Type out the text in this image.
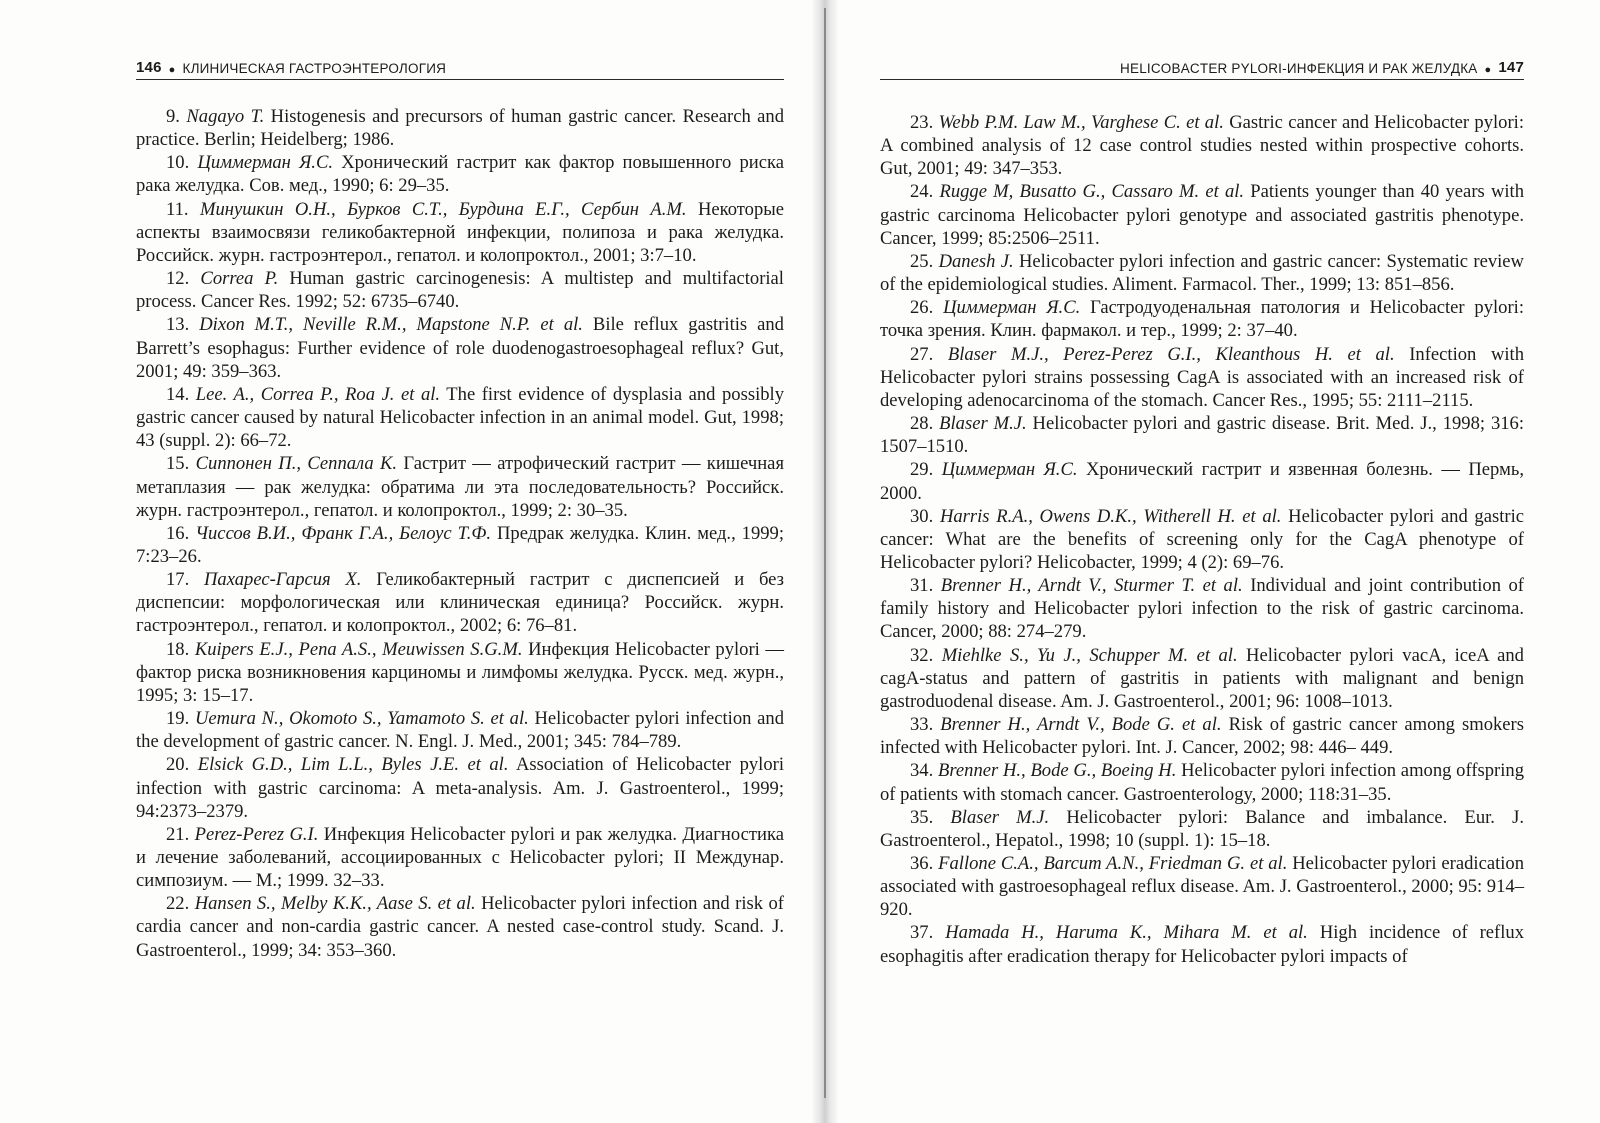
146 ● КЛИНИЧЕСКАЯ ГАСТРОЭНТЕРОЛОГИЯ

9. Nagayo T. Histogenesis and precursors of human gastric cancer. Research and practice. Berlin; Heidelberg; 1986.

10. Циммерман Я.С. Хронический гастрит как фактор повышенного риска рака желудка. Сов. мед., 1990; 6: 29–35.

11. Минушкин О.Н., Бурков С.Т., Бурдина Е.Г., Сербин А.М. Некоторые аспекты взаимосвязи геликобактерной инфекции, полипоза и рака желудка. Российск. журн. гастроэнтерол., гепатол. и колопроктол., 2001; 3:7–10.

12. Correa P. Human gastric carcinogenesis: A multistep and multifactorial process. Cancer Res. 1992; 52: 6735–6740.

13. Dixon M.T., Neville R.M., Mapstone N.P. et al. Bile reflux gastritis and Barrett’s esophagus: Further evidence of role duodenogastroesophageal reflux? Gut, 2001; 49: 359–363.

14. Lee. A., Correa P., Roa J. et al. The first evidence of dysplasia and possibly gastric cancer caused by natural Helicobacter infection in an animal model. Gut, 1998; 43 (suppl. 2): 66–72.

15. Сиппонен П., Сеппала К. Гастрит — атрофический гастрит — кишечная метаплазия — рак желудка: обратима ли эта последовательность? Российск. журн. гастроэнтерол., гепатол. и колопроктол., 1999; 2: 30–35.

16. Чиссов В.И., Франк Г.А., Белоус Т.Ф. Предрак желудка. Клин. мед., 1999; 7:23–26.

17. Пахарес-Гарсия Х. Геликобактерный гастрит с диспепсией и без диспепсии: морфологическая или клиническая единица? Российск. журн. гастроэнтерол., гепатол. и колопроктол., 2002; 6: 76–81.

18. Kuipers E.J., Pena A.S., Meuwissen S.G.M. Инфекция Helicobacter pylori — фактор риска возникновения карциномы и лимфомы желудка. Русск. мед. журн., 1995; 3: 15–17.

19. Uemura N., Okomoto S., Yamamoto S. et al. Helicobacter pylori infection and the development of gastric cancer. N. Engl. J. Med., 2001; 345: 784–789.

20. Elsick G.D., Lim L.L., Byles J.E. et al. Association of Helicobacter pylori infection with gastric carcinoma: A meta-analysis. Am. J. Gastroenterol., 1999; 94:2373–2379.

21. Perez-Perez G.I. Инфекция Helicobacter pylori и рак желудка. Диагностика и лечение заболеваний, ассоциированных с Helicobacter pylori; II Междунар. симпозиум. — М.; 1999. 32–33.

22. Hansen S., Melby K.K., Aase S. et al. Helicobacter pylori infection and risk of cardia cancer and non-cardia gastric cancer. A nested case-control study. Scand. J. Gastroenterol., 1999; 34: 353–360.

HELICOBACTER PYLORI-ИНФЕКЦИЯ И РАК ЖЕЛУДКА ● 147

23. Webb P.M. Law M., Varghese C. et al. Gastric cancer and Helicobacter pylori: A combined analysis of 12 case control studies nested within prospective cohorts. Gut, 2001; 49: 347–353.

24. Rugge M, Busatto G., Cassaro M. et al. Patients younger than 40 years with gastric carcinoma Helicobacter pylori genotype and associated gastritis phenotype. Cancer, 1999; 85:2506–2511.

25. Danesh J. Helicobacter pylori infection and gastric cancer: Systematic review of the epidemiological studies. Aliment. Farmacol. Ther., 1999; 13: 851–856.

26. Циммерман Я.С. Гастродуоденальная патология и Helicobacter pylori: точка зрения. Клин. фармакол. и тер., 1999; 2: 37–40.

27. Blaser M.J., Perez-Perez G.I., Kleanthous H. et al. Infection with Helicobacter pylori strains possessing CagA is associated with an increased risk of developing adenocarcinoma of the stomach. Cancer Res., 1995; 55: 2111–2115.

28. Blaser M.J. Helicobacter pylori and gastric disease. Brit. Med. J., 1998; 316: 1507–1510.

29. Циммерман Я.С. Хронический гастрит и язвенная болезнь. — Пермь, 2000.

30. Harris R.A., Owens D.K., Witherell H. et al. Helicobacter pylori and gastric cancer: What are the benefits of screening only for the CagA phenotype of Helicobacter pylori? Helicobacter, 1999; 4 (2): 69–76.

31. Brenner H., Arndt V., Sturmer T. et al. Individual and joint contribution of family history and Helicobacter pylori infection to the risk of gastric carcinoma. Cancer, 2000; 88: 274–279.

32. Miehlke S., Yu J., Schupper M. et al. Helicobacter pylori vacA, iceA and cagA-status and pattern of gastritis in patients with malignant and benign gastroduodenal disease. Am. J. Gastroenterol., 2001; 96: 1008–1013.

33. Brenner H., Arndt V., Bode G. et al. Risk of gastric cancer among smokers infected with Helicobacter pylori. Int. J. Cancer, 2002; 98: 446– 449.

34. Brenner H., Bode G., Boeing H. Helicobacter pylori infection among offspring of patients with stomach cancer. Gastroenterology, 2000; 118:31–35.

35. Blaser M.J. Helicobacter pylori: Balance and imbalance. Eur. J. Gastroenterol., Hepatol., 1998; 10 (suppl. 1): 15–18.

36. Fallone C.A., Barcum A.N., Friedman G. et al. Helicobacter pylori eradication associated with gastroesophageal reflux disease. Am. J. Gastroenterol., 2000; 95: 914–920.

37. Hamada H., Haruma K., Mihara M. et al. High incidence of reflux esophagitis after eradication therapy for Helicobacter pylori impacts of
